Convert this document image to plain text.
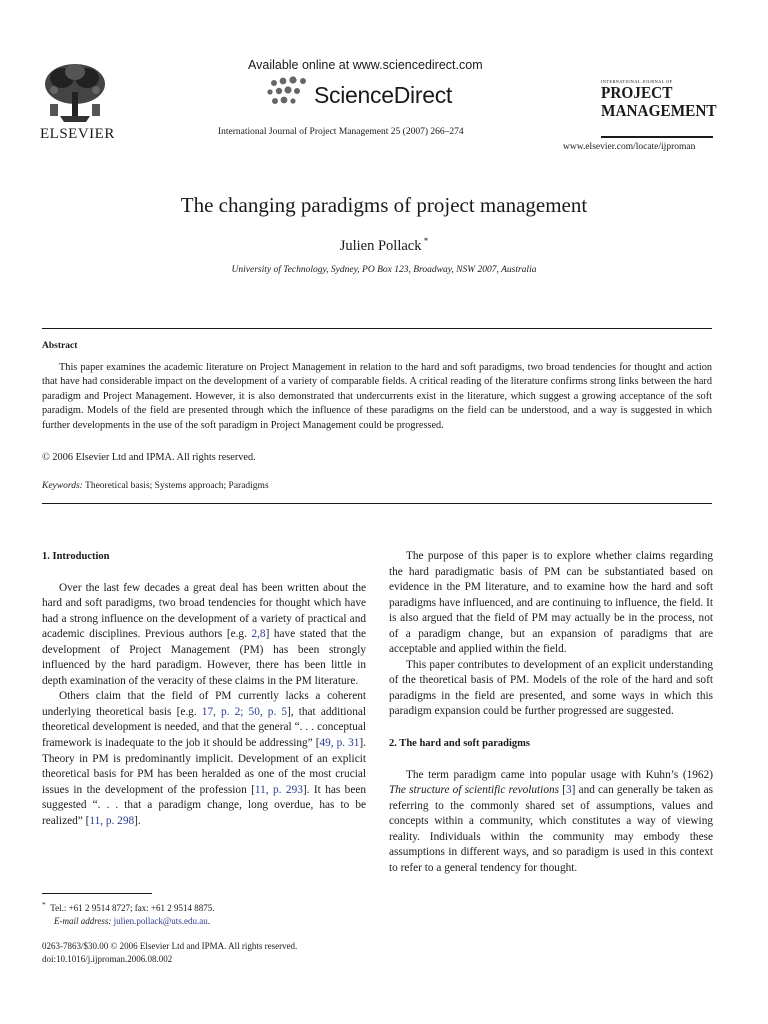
ELSEVIER
Available online at www.sciencedirect.com
ScienceDirect
International Journal of Project Management 25 (2007) 266–274
INTERNATIONAL JOURNAL OF
PROJECT
MANAGEMENT
www.elsevier.com/locate/ijproman
The changing paradigms of project management
Julien Pollack *
University of Technology, Sydney, PO Box 123, Broadway, NSW 2007, Australia
Abstract

This paper examines the academic literature on Project Management in relation to the hard and soft paradigms, two broad tendencies for thought and action that have had considerable impact on the development of a variety of comparable fields. A critical reading of the literature confirms strong links between the hard paradigm and Project Management. However, it is also demonstrated that undercurrents exist in the literature, which suggest a growing acceptance of the soft paradigm. Models of the field are presented through which the influence of these paradigms on the field can be understood, and a way is suggested in which further developments in the use of the soft paradigm in Project Management could be progressed.

© 2006 Elsevier Ltd and IPMA. All rights reserved.
Keywords: Theoretical basis; Systems approach; Paradigms

1. Introduction

Over the last few decades a great deal has been written about the hard and soft paradigms, two broad tendencies for thought which have had a strong influence on the development of a variety of practical and academic disciplines. Previous authors [e.g. 2,8] have stated that the development of Project Management (PM) has been strongly influenced by the hard paradigm. However, there has been little in depth examination of the veracity of these claims in the PM literature.

Others claim that the field of PM currently lacks a coherent underlying theoretical basis [e.g. 17, p. 2; 50, p. 5], that additional theoretical development is needed, and that the general “. . . conceptual framework is inadequate to the job it should be addressing” [49, p. 31]. Theory in PM is predominantly implicit. Development of an explicit theoretical basis for PM has been heralded as one of the most crucial issues in the development of the profession [11, p. 293]. It has been suggested “. . . that a paradigm change, long overdue, has to be realized” [11, p. 298].

The purpose of this paper is to explore whether claims regarding the hard paradigmatic basis of PM can be substantiated based on evidence in the PM literature, and to examine how the hard and soft paradigms have influenced, and are continuing to influence, the field. It is also argued that the field of PM may actually be in the process, not of a paradigm change, but an expansion of paradigms that are acceptable and applied within the field.

This paper contributes to development of an explicit understanding of the theoretical basis of PM. Models of the role of the hard and soft paradigms in the field are presented, and some ways in which this paradigm expansion could be further progressed are suggested.

2. The hard and soft paradigms

The term paradigm came into popular usage with Kuhn’s (1962) The structure of scientific revolutions [3] and can generally be taken as referring to the commonly shared set of assumptions, values and concepts within a community, which constitutes a way of viewing reality. Individuals within the community may embody these assumptions in different ways, and so paradigm is used in this context to refer to a general tendency for thought.

* Tel.: +61 2 9514 8727; fax: +61 2 9514 8875.
E-mail address: julien.pollack@uts.edu.au.
0263-7863/$30.00 © 2006 Elsevier Ltd and IPMA. All rights reserved.
doi:10.1016/j.ijproman.2006.08.002
